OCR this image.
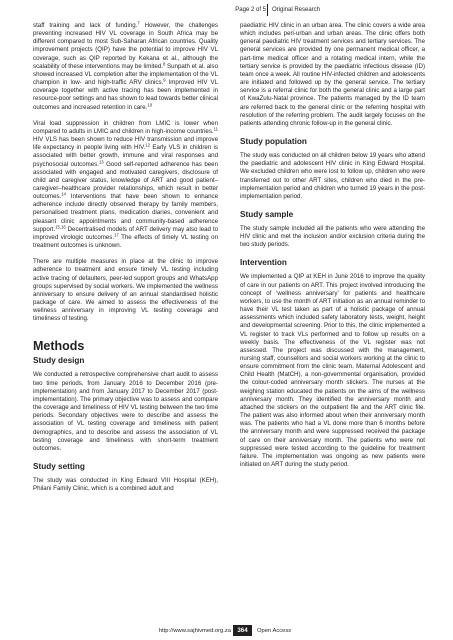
Page 2 of 5 Original Research

staff training and lack of funding.$^7$ However, the challenges preventing increased HIV VL coverage in South Africa may be different compared to most Sub-Saharan African countries. Quality improvement projects (QIP) have the potential to improve HIV VL coverage, such as QIP reported by Kekana et al., although the scalability of these interventions may be limited.$^8$ Sunpath et al. also showed increased VL completion after the implementation of the VL champion in low- and high-traffic ARV clinics.$^9$ Improved HIV VL coverage together with active tracing has been implemented in resource-poor settings and has shown to lead towards better clinical outcomes and increased retention in care.$^{10}$

Viral load suppression in children from LMIC is lower when compared to adults in LMIC and children in high-income countries.$^{11}$ HIV VLS has been shown to reduce HIV transmission and improve life expectancy in people living with HIV.$^{12}$ Early VLS in children is associated with better growth, immune and viral responses and psychosocial outcomes.$^{13}$ Good self-reported adherence has been associated with engaged and motivated caregivers, disclosure of child and caregiver status, knowledge of ART and good patient–caregiver–healthcare provider relationships, which result in better outcomes.$^{14}$ Interventions that have been shown to enhance adherence include directly observed therapy by family members, personalised treatment plans, medication diaries, convenient and pleasant clinic appointments and community-based adherence support.$^{15,16}$ Decentralised models of ART delivery may also lead to improved virologic outcomes.$^{17}$ The effects of timely VL testing on treatment outcomes is unknown.

There are multiple measures in place at the clinic to improve adherence to treatment and ensure timely VL testing including active tracing of defaulters, peer-led support groups and WhatsApp groups supervised by social workers. We implemented the wellness anniversary to ensure delivery of an annual standardised holistic package of care. We aimed to assess the effectiveness of the wellness anniversary in improving VL testing coverage and timeliness of testing.

Methods
Study design

We conducted a retrospective comprehensive chart audit to assess two time periods, from January 2016 to December 2016 (pre-implementation) and from January 2017 to December 2017 (post-implementation). The primary objective was to assess and compare the coverage and timeliness of HIV VL testing between the two time periods. Secondary objectives were to describe and assess the association of VL testing coverage and timeliness with patient demographics, and to describe and assess the association of VL testing coverage and timeliness with short-term treatment outcomes.

Study setting

The study was conducted in King Edward VIII Hospital (KEH), Philani Family Clinic, which is a combined adult and

paediatric HIV clinic in an urban area. The clinic covers a wide area which includes peri-urban and urban areas. The clinic offers both general paediatric HIV treatment services and tertiary services. The general services are provided by one permanent medical officer, a part-time medical officer and a rotating medical intern, while the tertiary service is provided by the paediatric infectious disease (ID) team once a week. All routine HIV-infected children and adolescents are initiated and followed up by the general service. The tertiary service is a referral clinic for both the general clinic and a large part of KwaZulu-Natal province. The patients managed by the ID team are referred back to the general clinic or the referring hospital with resolution of the referring problem. The audit largely focuses on the patients attending chronic follow-up in the general clinic.

Study population

The study was conducted on all children below 19 years who attend the paediatric and adolescent HIV clinic in King Edward Hospital. We excluded children who were lost to follow up, children who were transferred out to other ART sites, children who died in the pre-implementation period and children who turned 19 years in the post-implementation period.

Study sample

The study sample included all the patients who were attending the HIV clinic and met the inclusion and/or exclusion criteria during the two study periods.

Intervention

We implemented a QIP at KEH in June 2016 to improve the quality of care in our patients on ART. This project involved introducing the concept of ‘wellness anniversary’ for patients and healthcare workers, to use the month of ART initiation as an annual reminder to have their VL test taken as part of a holistic package of annual assessments which included safety laboratory tests, weight, height and developmental screening. Prior to this, the clinic implemented a VL register to track VLs performed and to follow up results on a weekly basis. The effectiveness of the VL register was not assessed. The project was discussed with the management, nursing staff, counsellors and social workers working at the clinic to ensure commitment from the clinic team. Maternal Adolescent and Child Health (MatCH), a non-governmental organisation, provided the colour-coded anniversary month stickers. The nurses at the weighing station educated the patients on the aims of the wellness anniversary month. They identified the anniversary month and attached the stickers on the outpatient file and the ART clinic file. The patient was also informed about when their anniversary month was. The patients who had a VL done more than 6 months before the anniversary month and were suppressed received the package of care on their anniversary month. The patients who were not suppressed were tested according to the guideline for treatment failure. The implementation was ongoing as new patients were initiated on ART during the study period.

http://www.sajhivmed.org.za	364	Open Access
